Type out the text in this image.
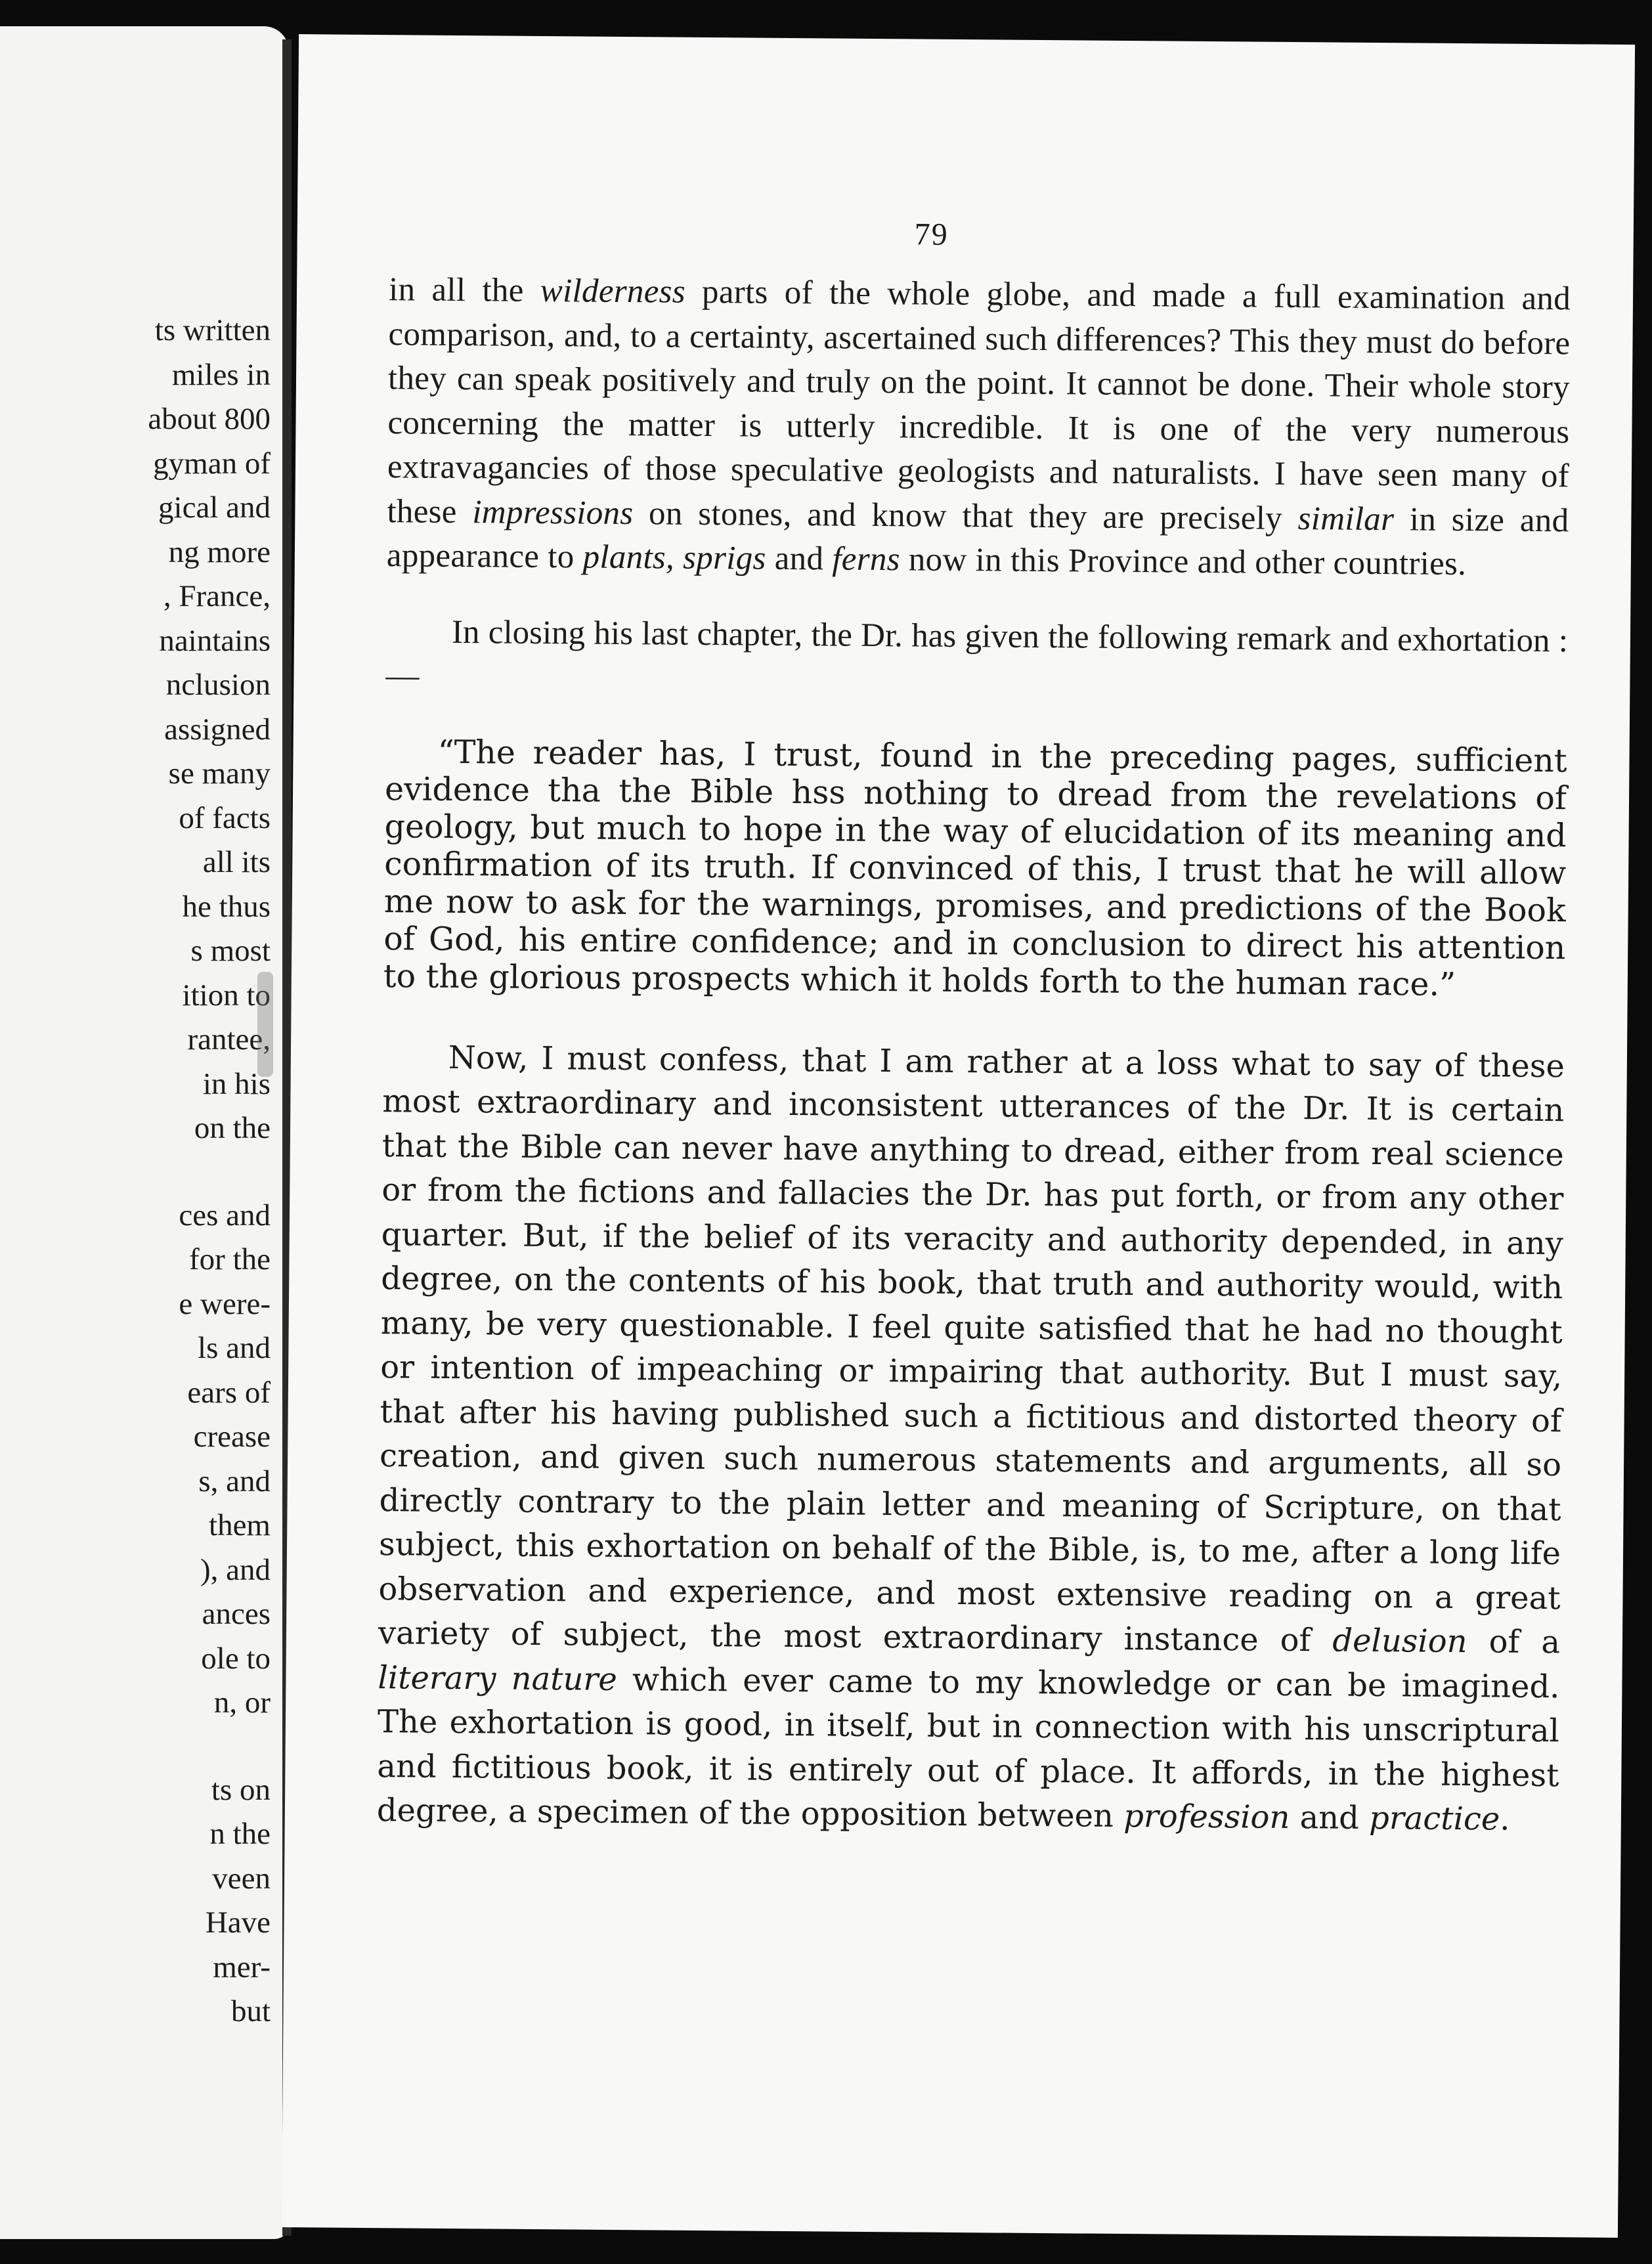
ts written
miles in
about 800
gyman of
gical and
ng more
, France,
naintains
nclusion
assigned
se many
of facts
all its
he thus
s most
ition to
rantee,
in his
on the
ces and
for the
e were-
ls and
ears of
crease
s, and
them
), and
ances
ole to
n, or
ts on
n the
veen
Have
mer-
but
79

in all the wilderness parts of the whole globe, and made a full examination and comparison, and, to a certainty, ascertained such differences? This they must do before they can speak positively and truly on the point. It cannot be done. Their whole story concerning the matter is utterly incredible. It is one of the very numerous extravagancies of those speculative geologists and naturalists. I have seen many of these impressions on stones, and know that they are precisely similar in size and appearance to plants, sprigs and ferns now in this Province and other countries.

In closing his last chapter, the Dr. has given the following remark and exhortation :—

“The reader has, I trust, found in the preceding pages, sufficient evidence tha the Bible hss nothing to dread from the revelations of geology, but much to hope in the way of elucidation of its meaning and confirmation of its truth. If convinced of this, I trust that he will allow me now to ask for the warnings, promises, and predictions of the Book of God, his entire confidence; and in conclusion to direct his attention to the glorious prospects which it holds forth to the human race.”

Now, I must confess, that I am rather at a loss what to say of these most extraordinary and inconsistent utterances of the Dr. It is certain that the Bible can never have anything to dread, either from real science or from the fictions and fallacies the Dr. has put forth, or from any other quarter. But, if the belief of its veracity and authority depended, in any degree, on the contents of his book, that truth and authority would, with many, be very questionable. I feel quite satisfied that he had no thought or intention of impeaching or impairing that authority. But I must say, that after his having published such a fictitious and distorted theory of creation, and given such numerous statements and arguments, all so directly contrary to the plain letter and meaning of Scripture, on that subject, this exhortation on behalf of the Bible, is, to me, after a long life observation and experience, and most extensive reading on a great variety of subject, the most extraordinary instance of delusion of a literary nature which ever came to my knowledge or can be imagined. The exhortation is good, in itself, but in connection with his unscriptural and fictitious book, it is entirely out of place. It affords, in the highest degree, a specimen of the opposition between profession and practice.
